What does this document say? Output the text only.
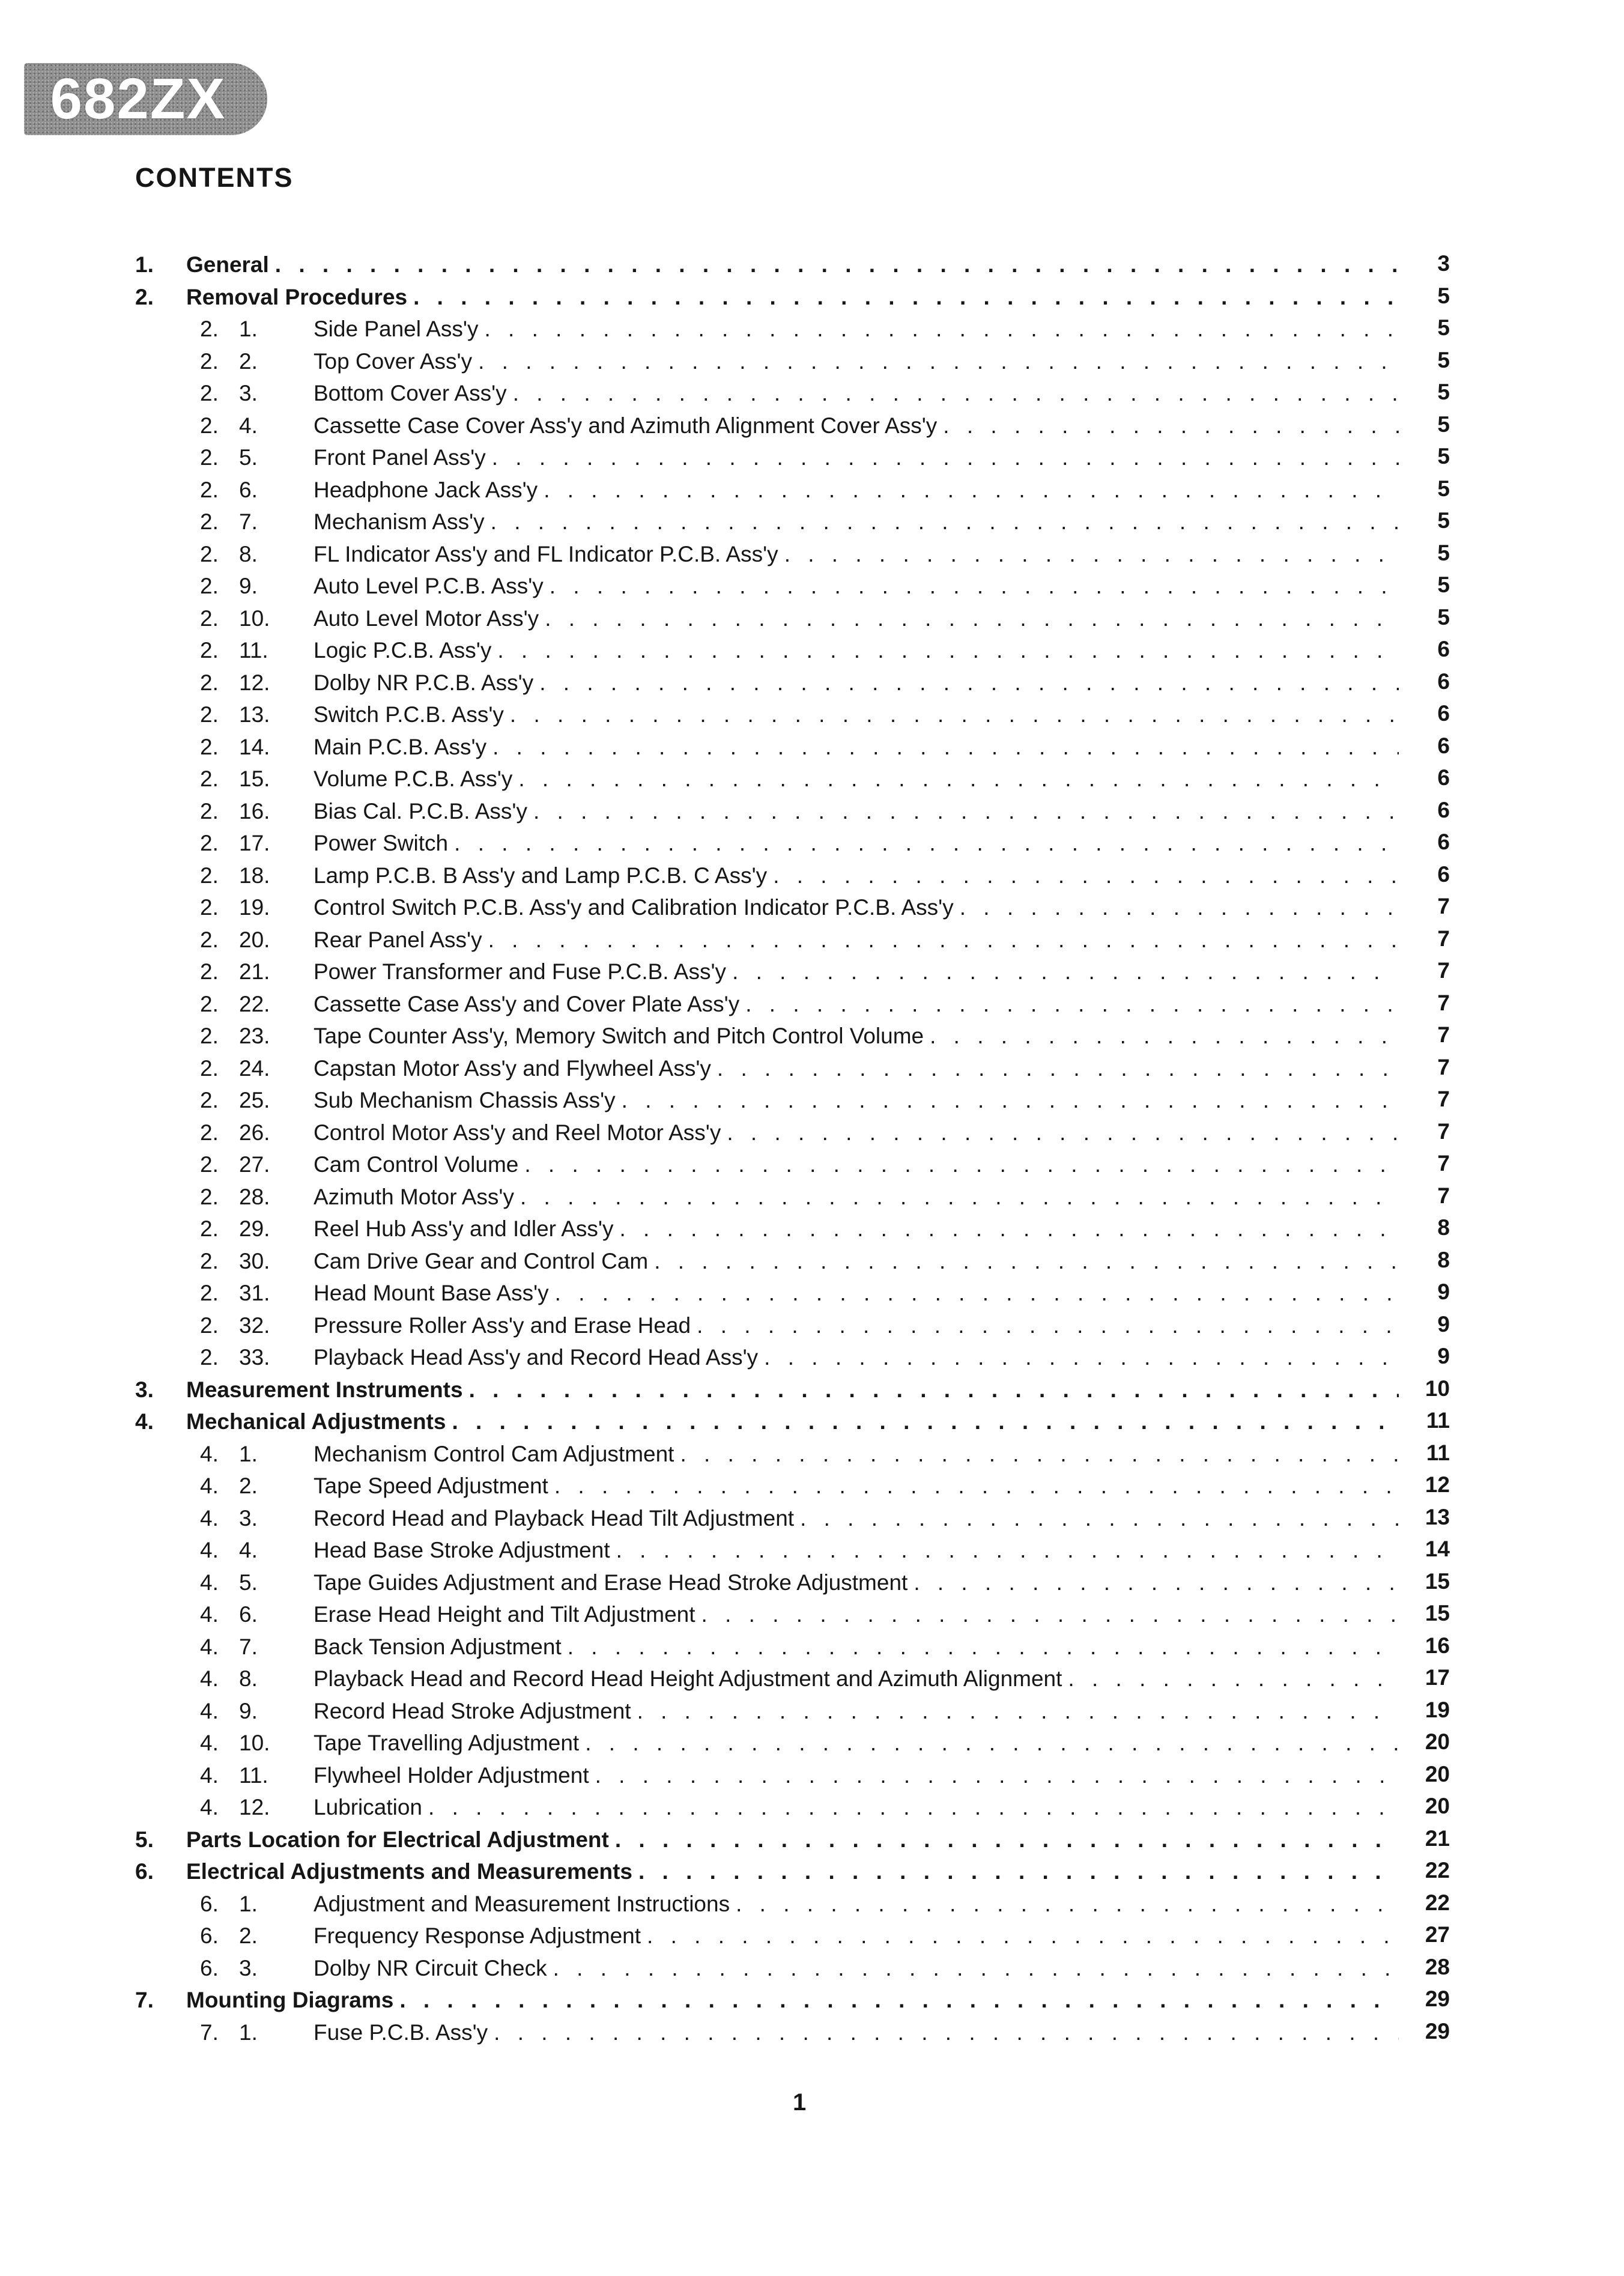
682ZX
CONTENTS
1. General . . .	3
2. Removal Procedures . . .	5
2. 1.	Side Panel Ass'y . . .	5
2. 2.	Top Cover Ass'y . . .	5
2. 3.	Bottom Cover Ass'y . . .	5
2. 4.	Cassette Case Cover Ass'y and Azimuth Alignment Cover Ass'y . . .	5
2. 5.	Front Panel Ass'y . . .	5
2. 6.	Headphone Jack Ass'y . . .	5
2. 7.	Mechanism Ass'y . . .	5
2. 8.	FL Indicator Ass'y and FL Indicator P.C.B. Ass'y . . .	5
2. 9.	Auto Level P.C.B. Ass'y . . .	5
2. 10. Auto Level Motor Ass'y . . .	5
2. 11. Logic P.C.B. Ass'y . . .	6
2. 12. Dolby NR P.C.B. Ass'y . . .	6
2. 13. Switch P.C.B. Ass'y . . .	6
2. 14. Main P.C.B. Ass'y . . .	6
2. 15. Volume P.C.B. Ass'y . . .	6
2. 16. Bias Cal. P.C.B. Ass'y . . .	6
2. 17. Power Switch . . .	6
2. 18. Lamp P.C.B. B Ass'y and Lamp P.C.B. C Ass'y . . .	6
2. 19. Control Switch P.C.B. Ass'y and Calibration Indicator P.C.B. Ass'y . . .	7
2. 20. Rear Panel Ass'y . . .	7
2. 21. Power Transformer and Fuse P.C.B. Ass'y . . .	7
2. 22. Cassette Case Ass'y and Cover Plate Ass'y . . .	7
2. 23. Tape Counter Ass'y, Memory Switch and Pitch Control Volume . . .	7
2. 24. Capstan Motor Ass'y and Flywheel Ass'y . . .	7
2. 25. Sub Mechanism Chassis Ass'y . . .	7
2. 26. Control Motor Ass'y and Reel Motor Ass'y . . .	7
2. 27. Cam Control Volume . . .	7
2. 28. Azimuth Motor Ass'y . . .	7
2. 29. Reel Hub Ass'y and Idler Ass'y . . .	8
2. 30. Cam Drive Gear and Control Cam . . .	8
2. 31. Head Mount Base Ass'y . . .	9
2. 32. Pressure Roller Ass'y and Erase Head . . .	9
2. 33. Playback Head Ass'y and Record Head Ass'y . . .	9
3. Measurement Instruments . . .	10
4. Mechanical Adjustments . . .	11
4. 1.	Mechanism Control Cam Adjustment . . .	11
4. 2.	Tape Speed Adjustment . . .	12
4. 3.	Record Head and Playback Head Tilt Adjustment . . .	13
4. 4.	Head Base Stroke Adjustment . . .	14
4. 5.	Tape Guides Adjustment and Erase Head Stroke Adjustment . . .	15
4. 6.	Erase Head Height and Tilt Adjustment . . .	15
4. 7.	Back Tension Adjustment . . .	16
4. 8.	Playback Head and Record Head Height Adjustment and Azimuth Alignment . . .	17
4. 9.	Record Head Stroke Adjustment . . .	19
4. 10. Tape Travelling Adjustment . . .	20
4. 11. Flywheel Holder Adjustment . . .	20
4. 12. Lubrication . . .	20
5. Parts Location for Electrical Adjustment . . .	21
6. Electrical Adjustments and Measurements . . .	22
6. 1.	Adjustment and Measurement Instructions . . .	22
6. 2.	Frequency Response Adjustment . . .	27
6. 3.	Dolby NR Circuit Check . . .	28
7. Mounting Diagrams . . .	29
7. 1.	Fuse P.C.B. Ass'y . . .	29
1
